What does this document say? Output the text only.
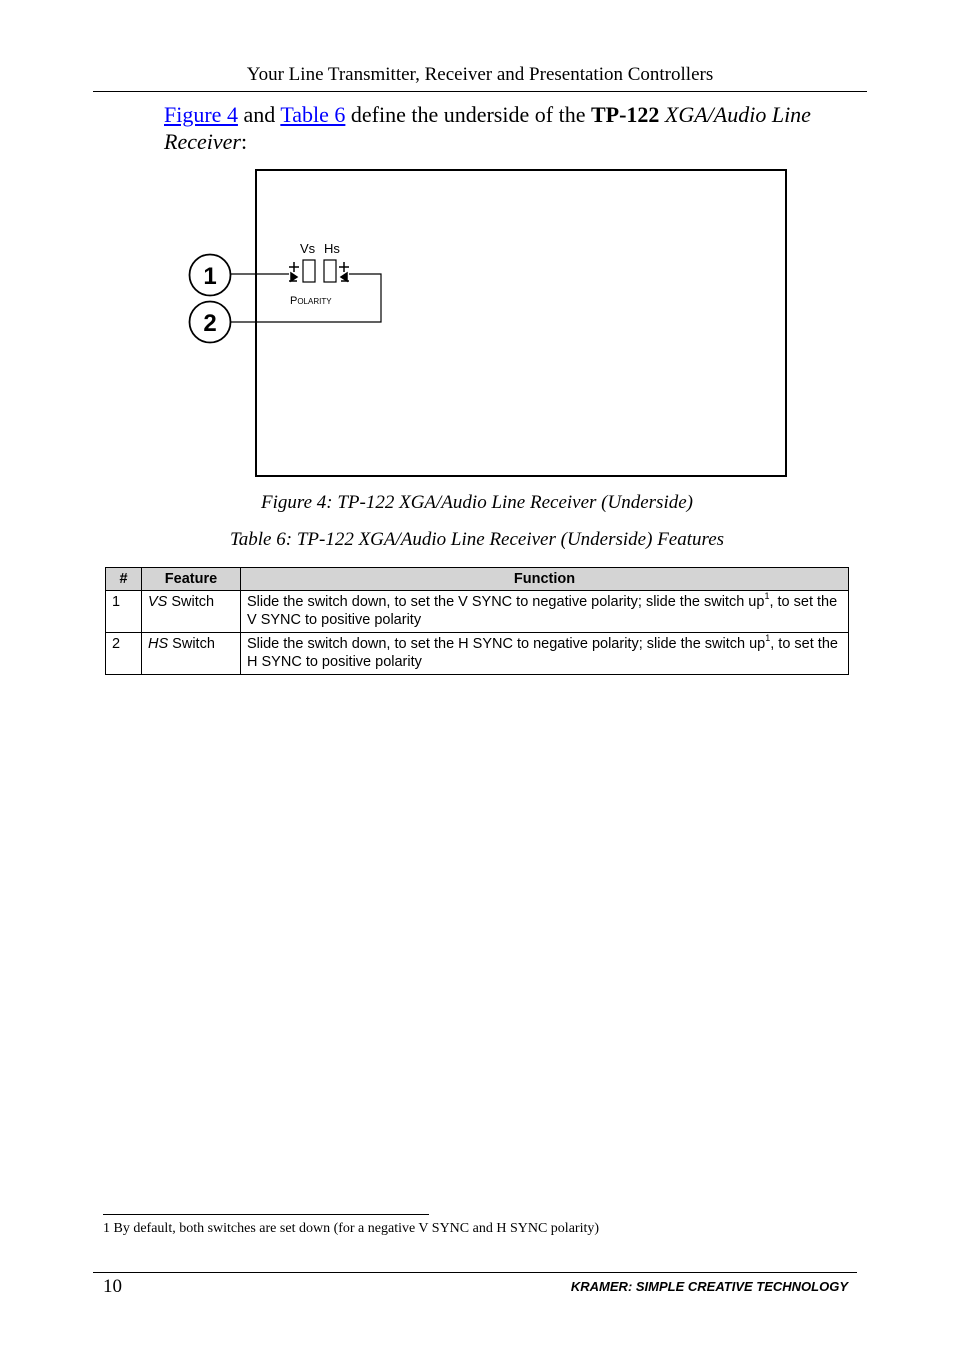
Your Line Transmitter, Receiver and Presentation Controllers
Figure 4 and Table 6 define the underside of the TP-122 XGA/Audio Line Receiver:
Vs Hs
Polarity
1
2
Figure 4: TP-122 XGA/Audio Line Receiver (Underside)
Table 6: TP-122 XGA/Audio Line Receiver (Underside) Features
#	Feature	Function
1	VS Switch	Slide the switch down, to set the V SYNC to negative polarity; slide the switch $up^1$, to set the V SYNC to positive polarity
2	HS Switch	Slide the switch down, to set the H SYNC to negative polarity; slide the switch $up^1$, to set the H SYNC to positive polarity
1 By default, both switches are set down (for a negative V SYNC and H SYNC polarity)
10	KRAMER: SIMPLE CREATIVE TECHNOLOGY
